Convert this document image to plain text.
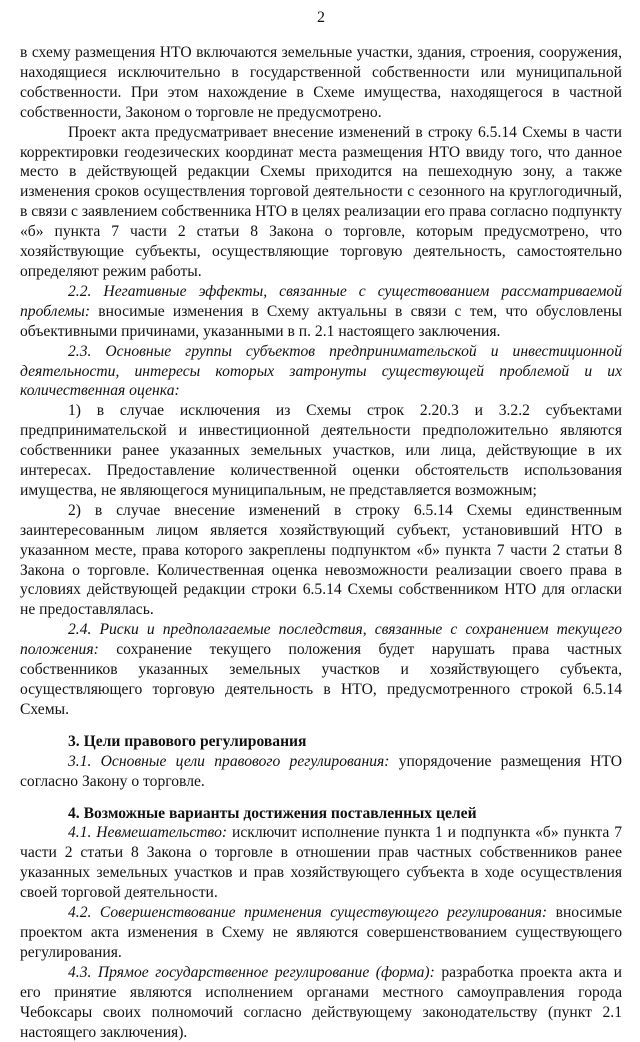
2

в схему размещения НТО включаются земельные участки, здания, строения, сооружения, находящиеся исключительно в государственной собственности или муниципальной собственности. При этом нахождение в Схеме имущества, находящегося в частной собственности, Законом о торговле не предусмотрено.

Проект акта предусматривает внесение изменений в строку 6.5.14 Схемы в части корректировки геодезических координат места размещения НТО ввиду того, что данное место в действующей редакции Схемы приходится на пешеходную зону, а также изменения сроков осуществления торговой деятельности с сезонного на круглогодичный, в связи с заявлением собственника НТО в целях реализации его права согласно подпункту «б» пункта 7 части 2 статьи 8 Закона о торговле, которым предусмотрено, что хозяйствующие субъекты, осуществляющие торговую деятельность, самостоятельно определяют режим работы.

2.2. Негативные эффекты, связанные с существованием рассматриваемой проблемы: вносимые изменения в Схему актуальны в связи с тем, что обусловлены объективными причинами, указанными в п. 2.1 настоящего заключения.

2.3. Основные группы субъектов предпринимательской и инвестиционной деятельности, интересы которых затронуты существующей проблемой и их количественная оценка:

1) в случае исключения из Схемы строк 2.20.3 и 3.2.2 субъектами предпринимательской и инвестиционной деятельности предположительно являются собственники ранее указанных земельных участков, или лица, действующие в их интересах. Предоставление количественной оценки обстоятельств использования имущества, не являющегося муниципальным, не представляется возможным;

2) в случае внесение изменений в строку 6.5.14 Схемы единственным заинтересованным лицом является хозяйствующий субъект, установивший НТО в указанном месте, права которого закреплены подпунктом «б» пункта 7 части 2 статьи 8 Закона о торговле. Количественная оценка невозможности реализации своего права в условиях действующей редакции строки 6.5.14 Схемы собственником НТО для огласки не предоставлялась.

2.4. Риски и предполагаемые последствия, связанные с сохранением текущего положения: сохранение текущего положения будет нарушать права частных собственников указанных земельных участков и хозяйствующего субъекта, осуществляющего торговую деятельность в НТО, предусмотренного строкой 6.5.14 Схемы.

3. Цели правового регулирования

3.1. Основные цели правового регулирования: упорядочение размещения НТО согласно Закону о торговле.

4. Возможные варианты достижения поставленных целей

4.1. Невмешательство: исключит исполнение пункта 1 и подпункта «б» пункта 7 части 2 статьи 8 Закона о торговле в отношении прав частных собственников ранее указанных земельных участков и прав хозяйствующего субъекта в ходе осуществления своей торговой деятельности.

4.2. Совершенствование применения существующего регулирования: вносимые проектом акта изменения в Схему не являются совершенствованием существующего регулирования.

4.3. Прямое государственное регулирование (форма): разработка проекта акта и его принятие являются исполнением органами местного самоуправления города Чебоксары своих полномочий согласно действующему законодательству (пункт 2.1 настоящего заключения).
